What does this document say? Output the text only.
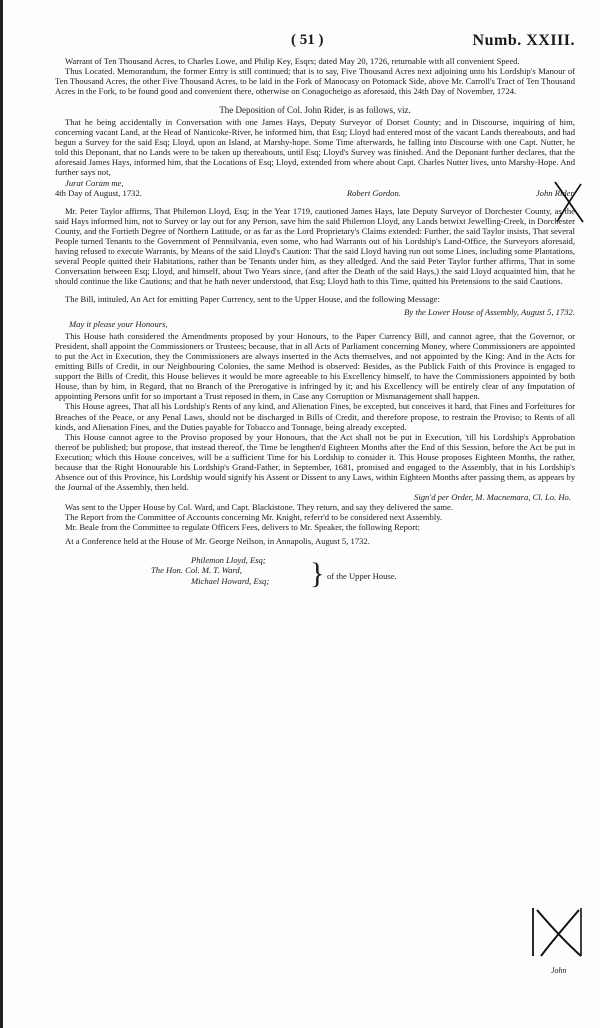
( 51 )	Numb. XXIII.

Warrant of Ten Thousand Acres, to Charles Lowe, and Philip Key, Esqrs; dated May 20, 1726, returnable with all convenient Speed.

Thus Located. Memorandum, the former Entry is still continued; that is to say, Five Thousand Acres next adjoining unto his Lordship's Manour of Ten Thousand Acres, the other Five Thousand Acres, to be laid in the Fork of Manocasy on Potomack Side, above Mr. Carroll's Tract of Ten Thousand Acres in the Fork, to be found good and convenient there, otherwise on Conagocheigo as aforesaid, this 24th Day of November, 1724.

The Deposition of Col. John Rider, is as follows, viz.

That he being accidentally in Conversation with one James Hays, Deputy Surveyor of Dorset County; and in Discourse, inquiring of him, concerning vacant Land, at the Head of Nanticoke-River, he informed him, that Esq; Lloyd had entered most of the vacant Lands thereabouts, and had begun a Survey for the said Esq; Lloyd, upon an Island, at Marshy-hope. Some Time afterwards, he falling into Discourse with one Capt. Nutter, he told this Deponant, that no Lands were to be taken up thereabouts, until Esq; Lloyd's Survey was finished. And the Deponant further declares, that the aforesaid James Hays, informed him, that the Locations of Esq; Lloyd, extended from where about Capt. Charles Nutter lives, unto Marshy-Hope. And further says not,

Jurat Coram me,

4th Day of August, 1732.	Robert Gordon.	John Rider.

Mr. Peter Taylor affirms, That Philemon Lloyd, Esq; in the Year 1719, cautioned James Hays, late Deputy Surveyor of Dorchester County, as the said Hays informed him, not to Survey or lay out for any Person, save him the said Philemon Lloyd, any Lands betwixt Jewelling-Creek, in Dorchester County, and the Fortieth Degree of Northern Latitude, or as far as the Lord Proprietary's Claims extended: Further, the said Taylor insists, That several People turned Tenants to the Government of Pennsilvania, even some, who had Warrants out of his Lordship's Land-Office, the Surveyors aforesaid, having refused to execute Warrants, by Means of the said Lloyd's Caution: That the said Lloyd having run out some Lines, including some Plantations, several People quitted their Habitations, rather than be Tenants under him, as they alledged. And the said Peter Taylor further affirms, That in some Conversation between Esq; Lloyd, and himself, about Two Years since, (and after the Death of the said Hays,) the said Lloyd acquainted him, that he should continue the like Cautions; and that he hath never understood, that Esq; Lloyd hath to this Time, quitted his Pretensions to the said Cautions.

The Bill, intituled, An Act for emitting Paper Currency, sent to the Upper House, and the following Message:

By the Lower House of Assembly, August 5, 1732.

May it please your Honours,

This House hath considered the Amendments proposed by your Honours, to the Paper Currency Bill, and cannot agree, that the Governor, or President, shall appoint the Commissioners or Trustees; because, that in all Acts of Parliament concerning Money, where Commissioners are appointed to put the Act in Execution, they the Commissioners are always inserted in the Acts themselves, and not appointed by the King: And in the Acts for emitting Bills of Credit, in our Neighbouring Colonies, the same Method is observed: Besides, as the Publick Faith of this Province is engaged to support the Bills of Credit, this House believes it would be more agreeable to his Excellency himself, to have the Commissioners appointed by both House, than by him, in Regard, that no Branch of the Prerogative is infringed by it; and his Excellency will be entirely clear of any Imputation of appointing Persons unfit for so important a Trust reposed in them, in Case any Corruption or Mismanagement shall happen.

This House agrees, That all his Lordship's Rents of any kind, and Alienation Fines, be excepted, but conceives it hard, that Fines and Forfeitures for Breaches of the Peace, or any Penal Laws, should not be discharged in Bills of Credit, and therefore propose, to restrain the Proviso; to Rents of all kinds, and Alienation Fines, and the Duties payable for Tobacco and Tonnage, being already excepted.

This House cannot agree to the Proviso proposed by your Honours, that the Act shall not be put in Execution, 'till his Lordship's Approbation thereof be published; but propose, that instead thereof, the Time be lengthen'd Eighteen Months after the End of this Session, before the Act be put in Execution; which this House conceives, will be a sufficient Time for his Lordship to consider it. This House proposes Eighteen Months, the rather, because that the Right Honourable his Lordship's Grand-Father, in September, 1681, promised and engaged to the Assembly, that in his Lordship's Absence out of this Province, his Lordship would signify his Assent or Dissent to any Laws, within Eighteen Months after passing them, as appears by the Journal of the Assembly, then held.

Sign'd per Order, M. Macnemara, Cl. Lo. Ho.

Was sent to the Upper House by Col. Ward, and Capt. Blackistone. They return, and say they delivered the same.

The Report from the Committee of Accounts concerning Mr. Knight, referr'd to be considered next Assembly.

Mr. Beale from the Committee to regulate Officers Fees, delivers to Mr. Speaker, the following Report:

At a Conference held at the House of Mr. George Neilson, in Annapolis, August 5, 1732.

Philemon Lloyd, Esq;
The Hon. Col. M. T. Ward,
Michael Howard, Esq; } of the Upper House.
John
